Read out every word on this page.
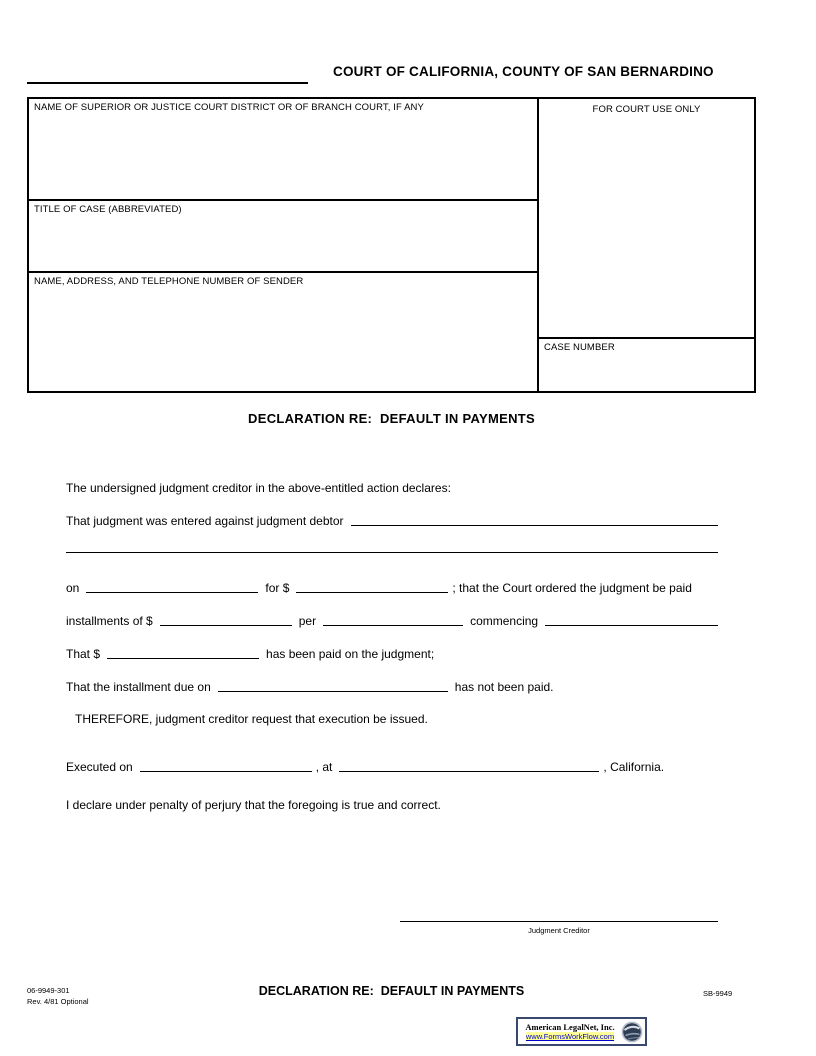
COURT OF CALIFORNIA, COUNTY OF SAN BERNARDINO
NAME OF SUPERIOR OR JUSTICE COURT DISTRICT OR OF BRANCH COURT, IF ANY
TITLE OF CASE (ABBREVIATED)
NAME, ADDRESS, AND TELEPHONE NUMBER OF SENDER
FOR COURT USE ONLY
CASE NUMBER
DECLARATION RE:  DEFAULT IN PAYMENTS
The undersigned judgment creditor in the above-entitled action declares:
That judgment was entered against judgment debtor
on	for $	; that the Court ordered the judgment be paid
installments of $	per	commencing
That $	has been paid on the judgment;
That the installment due on	has not been paid.
THEREFORE, judgment creditor request that execution be issued.
Executed on	, at	, California.
I declare under penalty of perjury that the foregoing is true and correct.
Judgment Creditor
06-9949-301
Rev. 4/81 Optional
DECLARATION RE:  DEFAULT IN PAYMENTS	SB-9949
American LegalNet, Inc.
www.FormsWorkFlow.com
